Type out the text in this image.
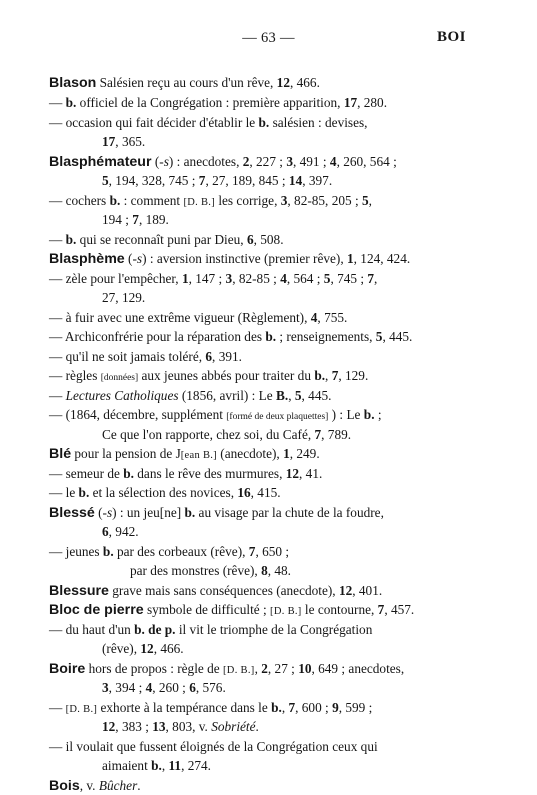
— 63 —	BOI
Blason Salésien reçu au cours d'un rêve, 12, 466.
— b. officiel de la Congrégation : première apparition, 17, 280.
— occasion qui fait décider d'établir le b. salésien : devises,
17, 365.
Blasphémateur (-s) : anecdotes, 2, 227 ; 3, 491 ; 4, 260, 564 ;
5, 194, 328, 745 ; 7, 27, 189, 845 ; 14, 397.
— cochers b. : comment [D. B.] les corrige, 3, 82-85, 205 ; 5,
194 ; 7, 189.
— b. qui se reconnaît puni par Dieu, 6, 508.
Blasphème (-s) : aversion instinctive (premier rêve), 1, 124, 424.
— zèle pour l'empêcher, 1, 147 ; 3, 82-85 ; 4, 564 ; 5, 745 ; 7,
27, 129.
— à fuir avec une extrême vigueur (Règlement), 4, 755.
— Archiconfrérie pour la réparation des b. ; renseignements, 5, 445.
— qu'il ne soit jamais toléré, 6, 391.
— règles [données] aux jeunes abbés pour traiter du b., 7, 129.
— Lectures Catholiques (1856, avril) : Le B., 5, 445.
— (1864, décembre, supplément [formé de deux plaquettes] ) : Le b. ;
Ce que l'on rapporte, chez soi, du Café, 7, 789.
Blé pour la pension de J[ean B.] (anecdote), 1, 249.
— semeur de b. dans le rêve des murmures, 12, 41.
— le b. et la sélection des novices, 16, 415.
Blessé (-s) : un jeu[ne] b. au visage par la chute de la foudre,
6, 942.
— jeunes b. par des corbeaux (rêve), 7, 650 ;
par des monstres (rêve), 8, 48.
Blessure grave mais sans conséquences (anecdote), 12, 401.
Bloc de pierre symbole de difficulté ; [D. B.] le contourne, 7, 457.
— du haut d'un b. de p. il vit le triomphe de la Congrégation
(rêve), 12, 466.
Boire hors de propos : règle de [D. B.], 2, 27 ; 10, 649 ; anecdotes,
3, 394 ; 4, 260 ; 6, 576.
— [D. B.] exhorte à la tempérance dans le b., 7, 600 ; 9, 599 ;
12, 383 ; 13, 803, v. Sobriété.
— il voulait que fussent éloignés de la Congrégation ceux qui
aimaient b., 11, 274.
Bois, v. Bûcher.
